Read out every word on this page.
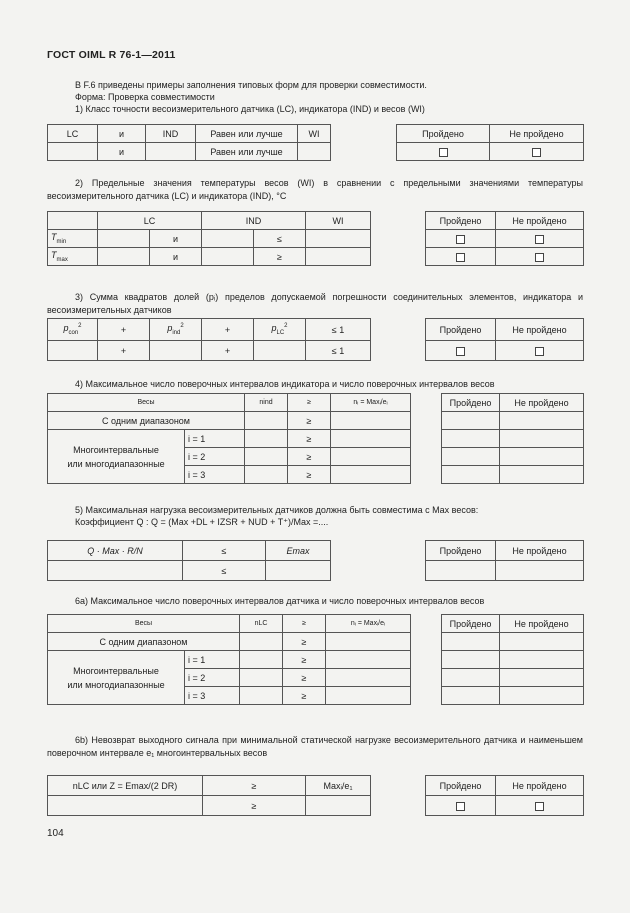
ГОСТ OIML R 76-1—2011
В F.6 приведены примеры заполнения типовых форм для проверки совместимости.
Форма: Проверка совместимости
1) Класс точности весоизмерительного датчика (LC), индикатора (IND) и весов (WI)
LC	и	IND	Равен или лучше	WI
	и		Равен или лучше	
Пройдено	Не пройдено

2) Предельные значения температуры весов (WI) в сравнении с предельными значениями температуры весоизмерительного датчика (LC) и индикатора (IND), °C
	LC		IND		WI
$T_{min}$		и		≤	
$T_{max}$		и		≥	
Пройдено	Не пройдено

3) Сумма квадратов долей (pᵢ) пределов допускаемой погрешности соединительных элементов, индикатора и весоизмерительных датчиков
$p_{con}^2$	+	$p_{ind}^2$	+	$p_{LC}^2$	≤ 1
	+		+		≤ 1
Пройдено	Не пройдено

4) Максимальное число поверочных интервалов индикатора и число поверочных интервалов весов
Весы		nind	≥	nᵢ = Maxᵢ/eᵢ
С одним диапазоном			≥	
Многоинтервальные
или многодиапазонные	i = 1		≥	
	i = 2		≥	
	i = 3		≥	
Пройдено	Не пройдено

5) Максимальная нагрузка весоизмерительных датчиков должна быть совместима с Max весов:
Коэффициент Q : Q = (Max +DL + IZSR + NUD + T⁺)/Max =....
Q · Max · R/N	≤	Emax
	≤	
Пройдено	Не пройдено

6а) Максимальное число поверочных интервалов датчика и число поверочных интервалов весов
Весы		nLC	≥	nᵢ = Maxᵢ/eᵢ
С одним диапазоном			≥	
Многоинтервальные
или многодиапазонные	i = 1		≥	
	i = 2		≥	
	i = 3		≥	
Пройдено	Не пройдено

6b) Невозврат выходного сигнала при минимальной статической нагрузке весоизмерительного датчика и наименьшем поверочном интервале e₁ многоинтервальных весов
nLC или Z = Emax/(2 DR)	≥	Maxᵢ/e₁
	≥	
Пройдено	Не пройдено

104
